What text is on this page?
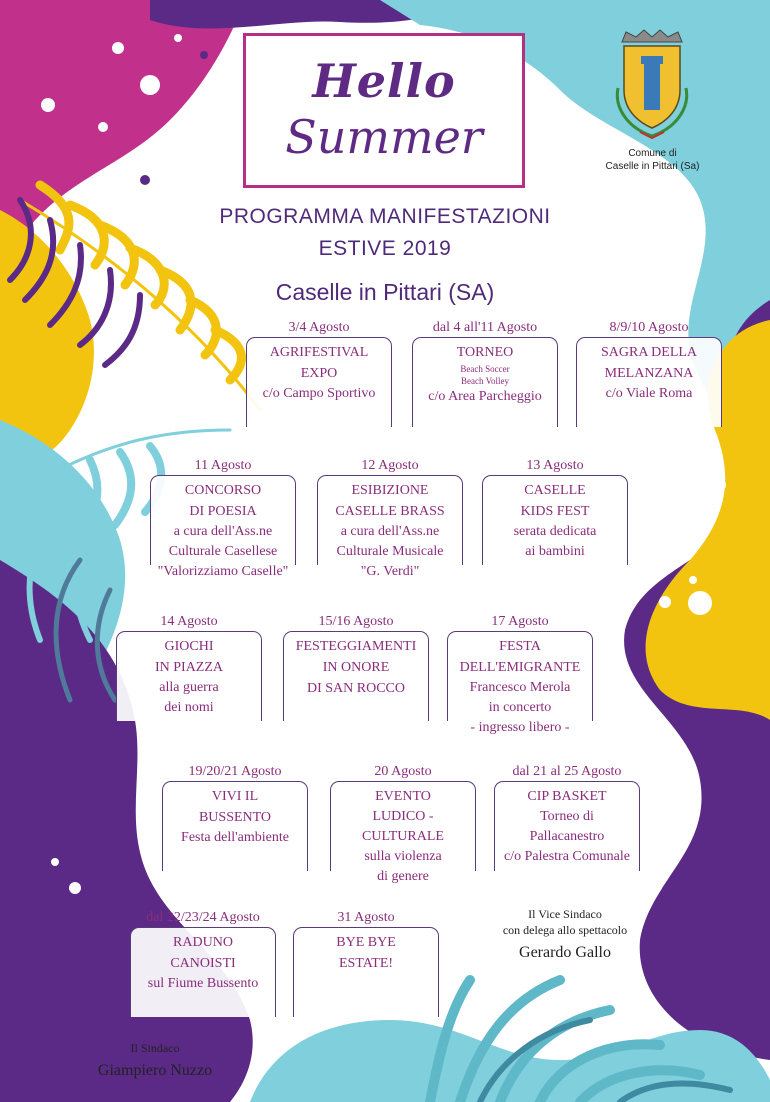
Hello
Summer	Comune di
Caselle in Pittari (Sa)
PROGRAMMA MANIFESTAZIONI
ESTIVE 2019
Caselle in Pittari (SA)
3/4 Agosto
AGRIFESTIVAL
EXPO
c/o Campo Sportivo
dal 4 all'11 Agosto
TORNEO
Beach Soccer
Beach Volley
c/o Area Parcheggio
8/9/10 Agosto
SAGRA DELLA
MELANZANA
c/o Viale Roma
11 Agosto
CONCORSO
DI POESIA
a cura dell'Ass.ne
Culturale Casellese
"Valorizziamo Caselle"
12 Agosto
ESIBIZIONE
CASELLE BRASS
a cura dell'Ass.ne
Culturale Musicale
"G. Verdi"
13 Agosto
CASELLE
KIDS FEST
serata dedicata
ai bambini
14 Agosto
GIOCHI
IN PIAZZA
alla guerra
dei nomi
15/16 Agosto
FESTEGGIAMENTI
IN ONORE
DI SAN ROCCO
17 Agosto
FESTA
DELL'EMIGRANTE
Francesco Merola
in concerto
- ingresso libero -
19/20/21 Agosto
VIVI IL
BUSSENTO
Festa dell'ambiente
20 Agosto
EVENTO
LUDICO - CULTURALE
sulla violenza
di genere
dal 21 al 25 Agosto
CIP BASKET
Torneo di
Pallacanestro
c/o Palestra Comunale
dal 22/23/24 Agosto
RADUNO
CANOISTI
sul Fiume Bussento
31 Agosto
BYE BYE
ESTATE!
Il Vice Sindaco
con delega allo spettacolo
Gerardo Gallo
Il Sindaco
Giampiero Nuzzo
